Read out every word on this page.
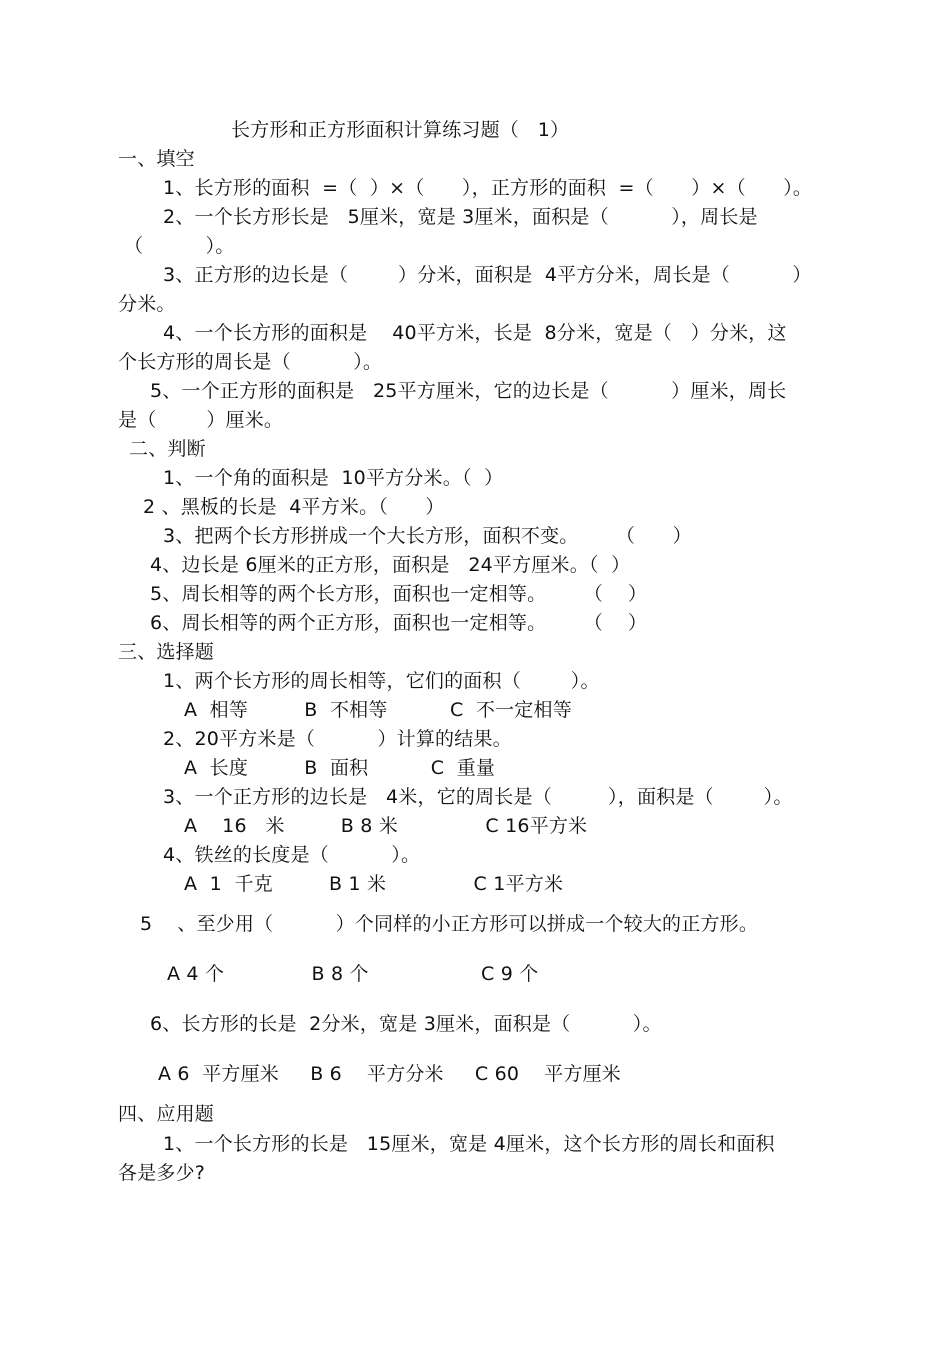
长方形和正方形面积计算练习题（   1）
一、填空
1、长方形的面积  =（  ）×（      ），正方形的面积  =（      ）×（      ）。
2、一个长方形长是   5厘米，宽是 3厘米，面积是（          ），周长是
（          ）。
3、正方形的边长是（        ）分米，面积是  4平方分米，周长是（          ）
分米。
4、一个长方形的面积是    40平方米，长是  8分米，宽是（   ）分米，这
个长方形的周长是（          ）。
5、一个正方形的面积是   25平方厘米，它的边长是（          ）厘米，周长
是（        ）厘米。
二、判断
1、一个角的面积是  10平方分米。（  ）
2 、黑板的长是  4平方米。（      ）
3、把两个长方形拼成一个大长方形，面积不变。      （      ）
4、边长是 6厘米的正方形，面积是   24平方厘米。（  ）
5、周长相等的两个长方形，面积也一定相等。      （    ）
6、周长相等的两个正方形，面积也一定相等。      （    ）
三、选择题
1、两个长方形的周长相等，它们的面积（        ）。
A  相等         B  不相等          C  不一定相等
2、20平方米是（          ）计算的结果。
A  长度         B  面积          C  重量
3、一个正方形的边长是   4米，它的周长是（         ），面积是（        ）。
A    16   米         B 8 米              C 16平方米
4、铁丝的长度是（          ）。
A  1  千克         B 1 米              C 1平方米
5    、至少用（          ）个同样的小正方形可以拼成一个较大的正方形。
A 4 个              B 8 个                  C 9 个
6、长方形的长是  2分米，宽是 3厘米，面积是（          ）。
A 6  平方厘米     B 6    平方分米     C 60    平方厘米
四、应用题
1、一个长方形的长是   15厘米，宽是 4厘米，这个长方形的周长和面积
各是多少?
